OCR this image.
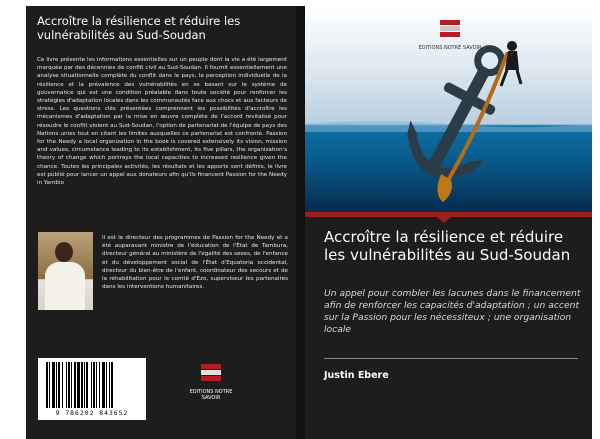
Accroître la résilience et réduire les vulnérabilités au Sud-Soudan
Ce livre présente les informations essentielles sur un peuple dont la vie a été largement marquée par des décennies de conflit civil au Sud-Soudan. Il fournit essentiellement une analyse situationnelle complète du conflit dans le pays, la perception individuelle de la résilience et la prévalence des vulnérabilités en se basant sur le système de gouvernance qui est une condition préalable dans toute société pour renforcer les stratégies d'adaptation locales dans les communautés face aux chocs et aux facteurs de stress. Les questions clés présentées comprennent les possibilités d'accroître les mécanismes d'adaptation par la mise en œuvre complète de l'accord revitalisé pour résoudre le conflit violent au Sud-Soudan, l'option de partenariat de l'équipe de pays des Nations unies tout en citant les limites auxquelles ce partenariat est confronté. Passion for the Needy a local organization in the book is covered extensively its vision, mission and values, circumstance leading to its establishment, its five pillars, the organization's theory of change which portrays the local capacities to increased resilience given the chance. Toutes les principales activités, les résultats et les apports sont définis, le livre est publié pour lancer un appel aux donateurs afin qu'ils financent Passion for the Needy in Yambio
Il est le directeur des programmes de Passion for the Needy et a été auparavant ministre de l'éducation de l'État de Tambura, directeur général au ministère de l'égalité des sexes, de l'enfance et du développement social de l'État d'Equatoria occidental, directeur du bien-être de l'enfant, coordinateur des secours et de la réhabilitation pour le comté d'Ezo, superviseur les partenaires dans les interventions humanitaires.
9 786202 843652
EDITIONS NOTRE SAVOIR
EDITIONS NOTRE SAVOIR
Accroître la résilience et réduire les vulnérabilités au Sud-Soudan
Un appel pour combler les lacunes dans le financement afin de renforcer les capacités d'adaptation ; un accent sur la Passion pour les nécessiteux ; une organisation locale
Justin Ebere
